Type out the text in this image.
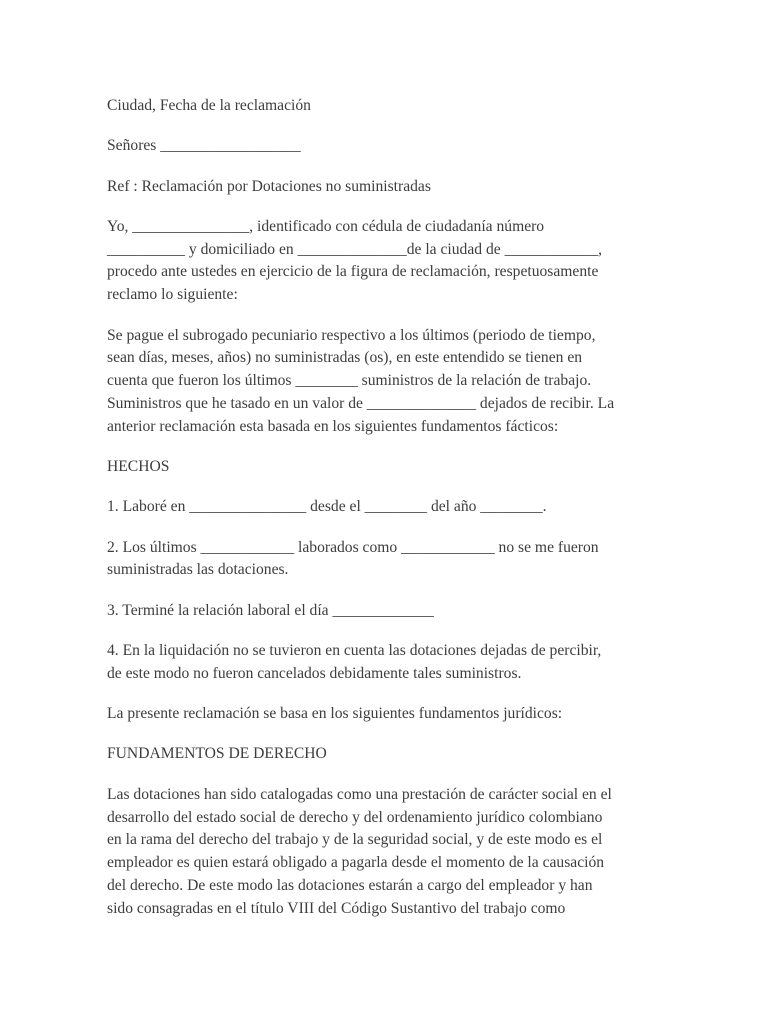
Ciudad, Fecha de la reclamación

Señores __________________

Ref : Reclamación por Dotaciones no suministradas

Yo, _______________, identificado con cédula de ciudadanía número
__________ y domiciliado en ______________de la ciudad de ____________,
procedo ante ustedes en ejercicio de la figura de reclamación, respetuosamente
reclamo lo siguiente:

Se pague el subrogado pecuniario respectivo a los últimos (periodo de tiempo,
sean días, meses, años) no suministradas (os), en este entendido se tienen en
cuenta que fueron los últimos ________ suministros de la relación de trabajo.
Suministros que he tasado en un valor de ______________ dejados de recibir. La
anterior reclamación esta basada en los siguientes fundamentos fácticos:

HECHOS

1. Laboré en _______________ desde el ________ del año ________.

2. Los últimos ____________ laborados como ____________ no se me fueron
suministradas las dotaciones.

3. Terminé la relación laboral el día _____________

4. En la liquidación no se tuvieron en cuenta las dotaciones dejadas de percibir,
de este modo no fueron cancelados debidamente tales suministros.

La presente reclamación se basa en los siguientes fundamentos jurídicos:

FUNDAMENTOS DE DERECHO

Las dotaciones han sido catalogadas como una prestación de carácter social en el
desarrollo del estado social de derecho y del ordenamiento jurídico colombiano
en la rama del derecho del trabajo y de la seguridad social, y de este modo es el
empleador es quien estará obligado a pagarla desde el momento de la causación
del derecho. De este modo las dotaciones estarán a cargo del empleador y han
sido consagradas en el título VIII del Código Sustantivo del trabajo como
